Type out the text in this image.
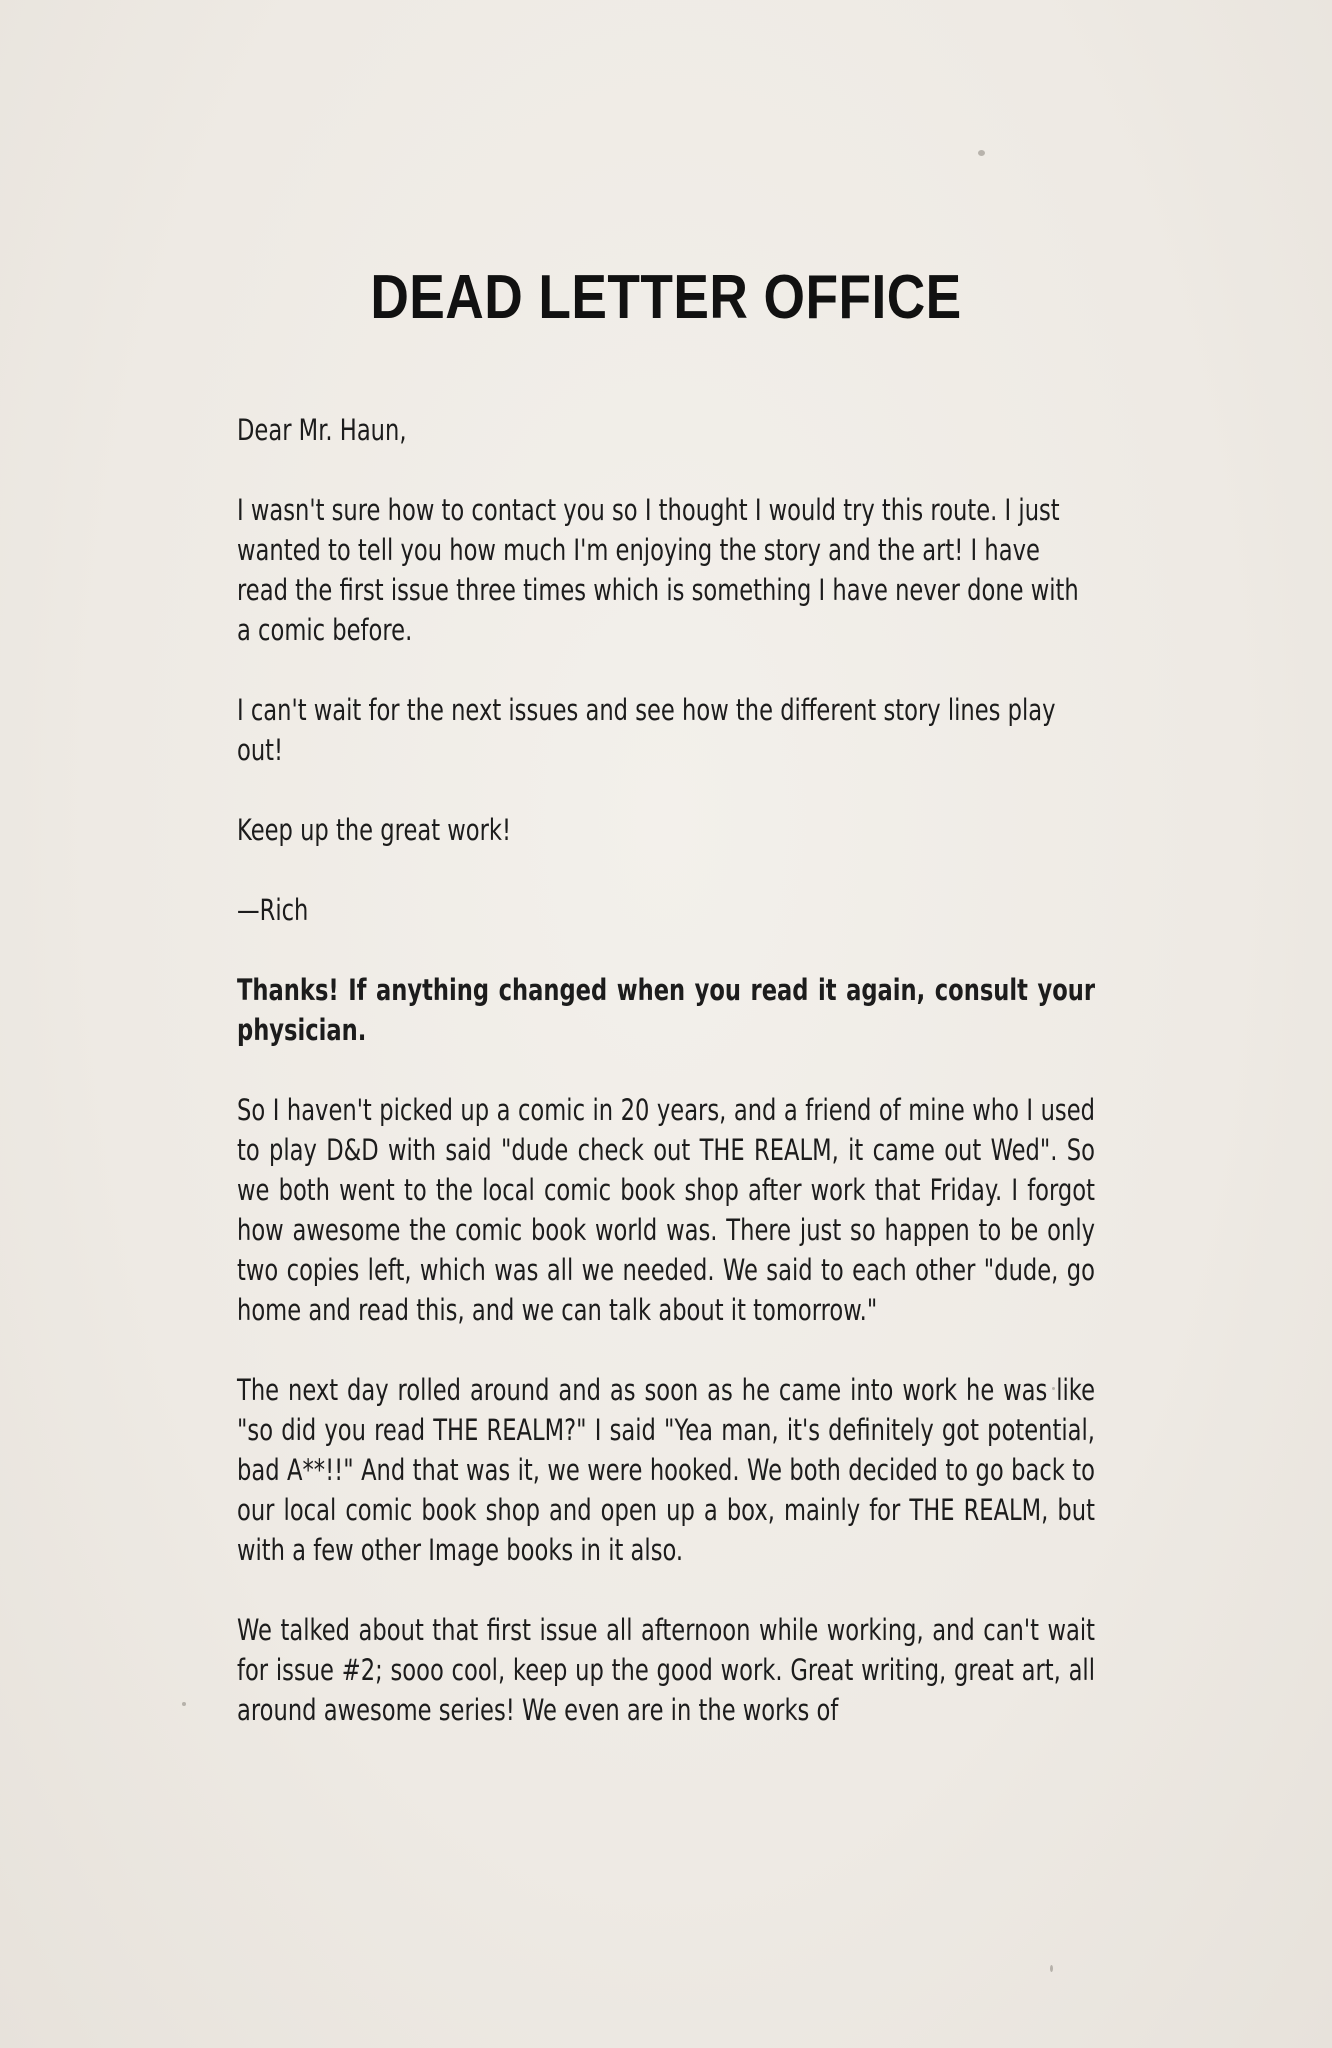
DEAD LETTER OFFICE

Dear Mr. Haun,

I wasn't sure how to contact you so I thought I would try this route. I just wanted to tell you how much I'm enjoying the story and the art! I have read the first issue three times which is something I have never done with a comic before.

I can't wait for the next issues and see how the different story lines play out!

Keep up the great work!

—Rich

Thanks! If anything changed when you read it again, consult your physician.

So I haven't picked up a comic in 20 years, and a friend of mine who I used to play D&D with said "dude check out THE REALM, it came out Wed". So we both went to the local comic book shop after work that Friday. I forgot how awesome the comic book world was. There just so happen to be only two copies left, which was all we needed. We said to each other "dude, go home and read this, and we can talk about it tomorrow."

The next day rolled around and as soon as he came into work he was like "so did you read THE REALM?" I said "Yea man, it's definitely got potential, bad A**!!" And that was it, we were hooked. We both decided to go back to our local comic book shop and open up a box, mainly for THE REALM, but with a few other Image books in it also.

We talked about that first issue all afternoon while working, and can't wait for issue #2; sooo cool, keep up the good work. Great writing, great art, all around awesome series! We even are in the works of
